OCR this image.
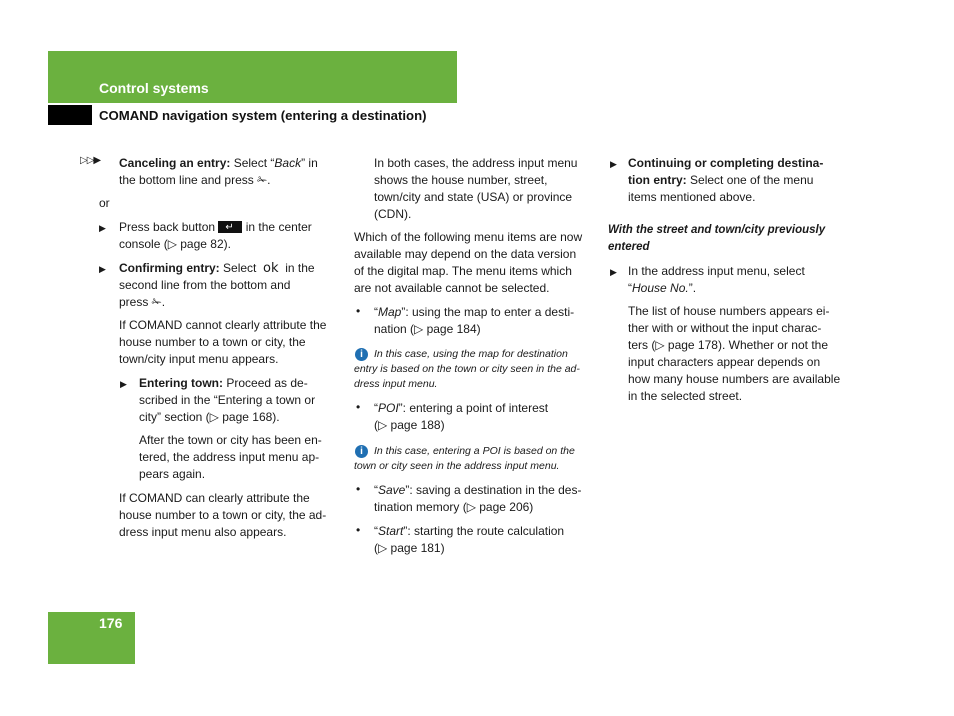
Control systems
COMAND navigation system (entering a destination)
176
▷▷▶ Canceling an entry: Select “Back” in

the bottom line and press ✁.

or
▶ Press back button ↵	in the center

console (▷ page 82).

▶ Confirming entry: Select ok in the

second line from the bottom and

press ✁.

If COMAND cannot clearly attribute the

house number to a town or city, the

town/city input menu appears.

▶ Entering town: Proceed as de-

scribed in the “Entering a town or

city” section (▷ page 168).

After the town or city has been en-

tered, the address input menu ap-

pears again.

If COMAND can clearly attribute the

house number to a town or city, the ad-

dress input menu also appears.

In both cases, the address input menu

shows the house number, street,

town/city and state (USA) or province

(CDN).

Which of the following menu items are now

available may depend on the data version

of the digital map. The menu items which

are not available cannot be selected.

• “Map”: using the map to enter a desti-

nation (▷ page 184)

i	In this case, using the map for destination

entry is based on the town or city seen in the ad-

dress input menu.

• “POI”: entering a point of interest

(▷ page 188)

i	In this case, entering a POI is based on the

town or city seen in the address input menu.

• “Save”: saving a destination in the des-

tination memory (▷ page 206)

• “Start”: starting the route calculation

(▷ page 181)

▶ Continuing or completing destina-

tion entry: Select one of the menu

items mentioned above.

With the street and town/city previously

entered

▶ In the address input menu, select

“House No.”.

The list of house numbers appears ei-

ther with or without the input charac-

ters (▷ page 178). Whether or not the

input characters appear depends on

how many house numbers are available

in the selected street.
